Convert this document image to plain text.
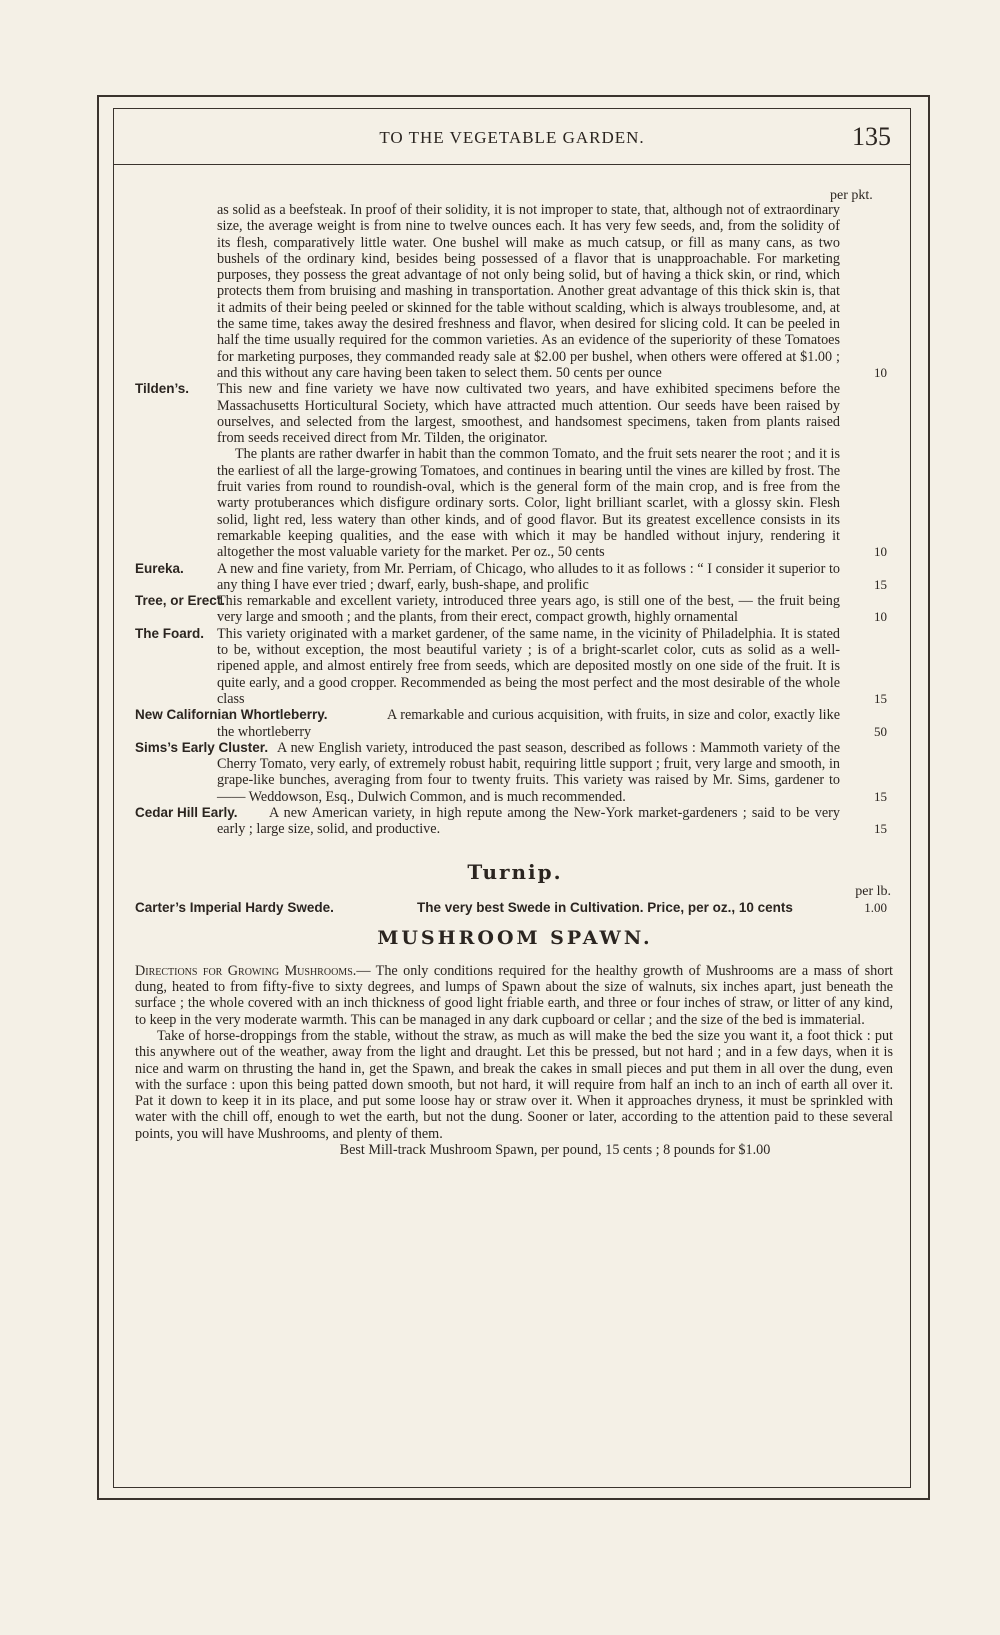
TO THE VEGETABLE GARDEN.	135
per pkt.

as solid as a beefsteak. In proof of their solidity, it is not improper to state, that, although not of extraordinary size, the average weight is from nine to twelve ounces each. It has very few seeds, and, from the solidity of its flesh, comparatively little water. One bushel will make as much catsup, or fill as many cans, as two bushels of the ordinary kind, besides being possessed of a flavor that is unapproachable. For marketing purposes, they possess the great advantage of not only being solid, but of having a thick skin, or rind, which protects them from bruising and mashing in transportation. Another great advantage of this thick skin is, that it admits of their being peeled or skinned for the table without scalding, which is always troublesome, and, at the same time, takes away the desired freshness and flavor, when desired for slicing cold. It can be peeled in half the time usually required for the common varieties. As an evidence of the superiority of these Tomatoes for marketing purposes, they commanded ready sale at $2.00 per bushel, when others were offered at $1.00 ; and this without any care having been taken to select them. 50 cents per ounce	10
Tilden’s. This new and fine variety we have now cultivated two years, and have exhibited specimens before the Massachusetts Horticultural Society, which have attracted much attention. Our seeds have been raised by ourselves, and selected from the largest, smoothest, and handsomest specimens, taken from plants raised from seeds received direct from Mr. Tilden, the originator.

The plants are rather dwarfer in habit than the common Tomato, and the fruit sets nearer the root ; and it is the earliest of all the large-growing Tomatoes, and continues in bearing until the vines are killed by frost. The fruit varies from round to roundish-oval, which is the general form of the main crop, and is free from the warty protuberances which disfigure ordinary sorts. Color, light brilliant scarlet, with a glossy skin. Flesh solid, light red, less watery than other kinds, and of good flavor. But its greatest excellence consists in its remarkable keeping qualities, and the ease with which it may be handled without injury, rendering it altogether the most valuable variety for the market. Per oz., 50 cents	10
Eureka. A new and fine variety, from Mr. Perriam, of Chicago, who alludes to it as follows : “ I consider it superior to any thing I have ever tried ; dwarf, early, bush-shape, and prolific	15
Tree, or Erect.

This remarkable and excellent variety, introduced three years ago, is still one of the best, — the fruit being very large and smooth ; and the plants, from their erect, compact growth, highly ornamental	10
The Foard. This variety originated with a market gardener, of the same name, in the vicinity of Philadelphia. It is stated to be, without exception, the most beautiful variety ; is of a bright-scarlet color, cuts as solid as a well-ripened apple, and almost entirely free from seeds, which are deposited mostly on one side of the fruit. It is quite early, and a good cropper. Recommended as being the most perfect and the most desirable of the whole class	15
New Californian Whortleberry.	A remarkable and curious acquisition, with fruits, in size and color, exactly like the whortleberry	50
Sims’s Early Cluster. A new English variety, introduced the past season, described as follows : Mammoth variety of the Cherry Tomato, very early, of extremely robust habit, requiring little support ; fruit, very large and smooth, in grape-like bunches, averaging from four to twenty fruits. This variety was raised by Mr. Sims, gardener to —— Weddowson, Esq., Dulwich Common, and is much recommended.	15
Cedar Hill Early.	A new American variety, in high repute among the New-York market-gardeners ; said to be very early ; large size, solid, and productive.	15
Turnip.
per lb.
Carter’s Imperial Hardy Swede.	The very best Swede in Cultivation. Price, per oz., 10 cents	1.00
MUSHROOM SPAWN.

Directions for Growing Mushrooms.— The only conditions required for the healthy growth of Mushrooms are a mass of short dung, heated to from fifty-five to sixty degrees, and lumps of Spawn about the size of walnuts, six inches apart, just beneath the surface ; the whole covered with an inch thickness of good light friable earth, and three or four inches of straw, or litter of any kind, to keep in the very moderate warmth. This can be managed in any dark cupboard or cellar ; and the size of the bed is immaterial.

Take of horse-droppings from the stable, without the straw, as much as will make the bed the size you want it, a foot thick : put this anywhere out of the weather, away from the light and draught. Let this be pressed, but not hard ; and in a few days, when it is nice and warm on thrusting the hand in, get the Spawn, and break the cakes in small pieces and put them in all over the dung, even with the surface : upon this being patted down smooth, but not hard, it will require from half an inch to an inch of earth all over it. Pat it down to keep it in its place, and put some loose hay or straw over it. When it approaches dryness, it must be sprinkled with water with the chill off, enough to wet the earth, but not the dung. Sooner or later, according to the attention paid to these several points, you will have Mushrooms, and plenty of them.

Best Mill-track Mushroom Spawn, per pound, 15 cents ; 8 pounds for $1.00
